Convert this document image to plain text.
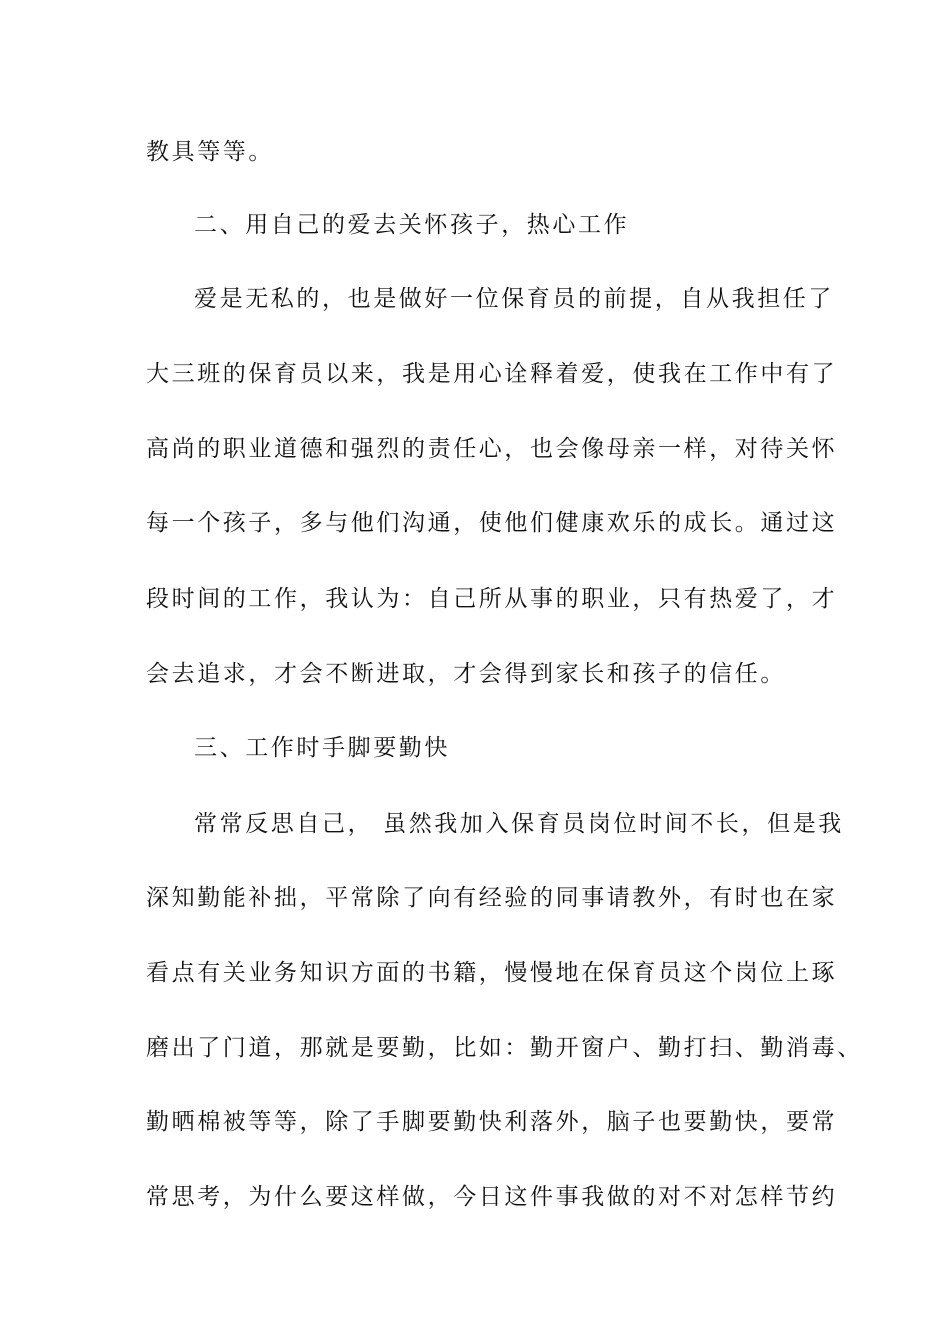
教具等等。
二、用自己的爱去关怀孩子，热心工作
爱是无私的，也是做好一位保育员的前提，自从我担任了
大三班的保育员以来，我是用心诠释着爱，使我在工作中有了
高尚的职业道德和强烈的责任心，也会像母亲一样，对待关怀
每一个孩子，多与他们沟通，使他们健康欢乐的成长。通过这
段时间的工作，我认为：自己所从事的职业，只有热爱了，才
会去追求，才会不断进取，才会得到家长和孩子的信任。
三、工作时手脚要勤快
常常反思自己， 虽然我加入保育员岗位时间不长，但是我
深知勤能补拙，平常除了向有经验的同事请教外，有时也在家
看点有关业务知识方面的书籍，慢慢地在保育员这个岗位上琢
磨出了门道，那就是要勤，比如：勤开窗户、勤打扫、勤消毒、
勤晒棉被等等，除了手脚要勤快利落外，脑子也要勤快，要常
常思考，为什么要这样做，今日这件事我做的对不对怎样节约
